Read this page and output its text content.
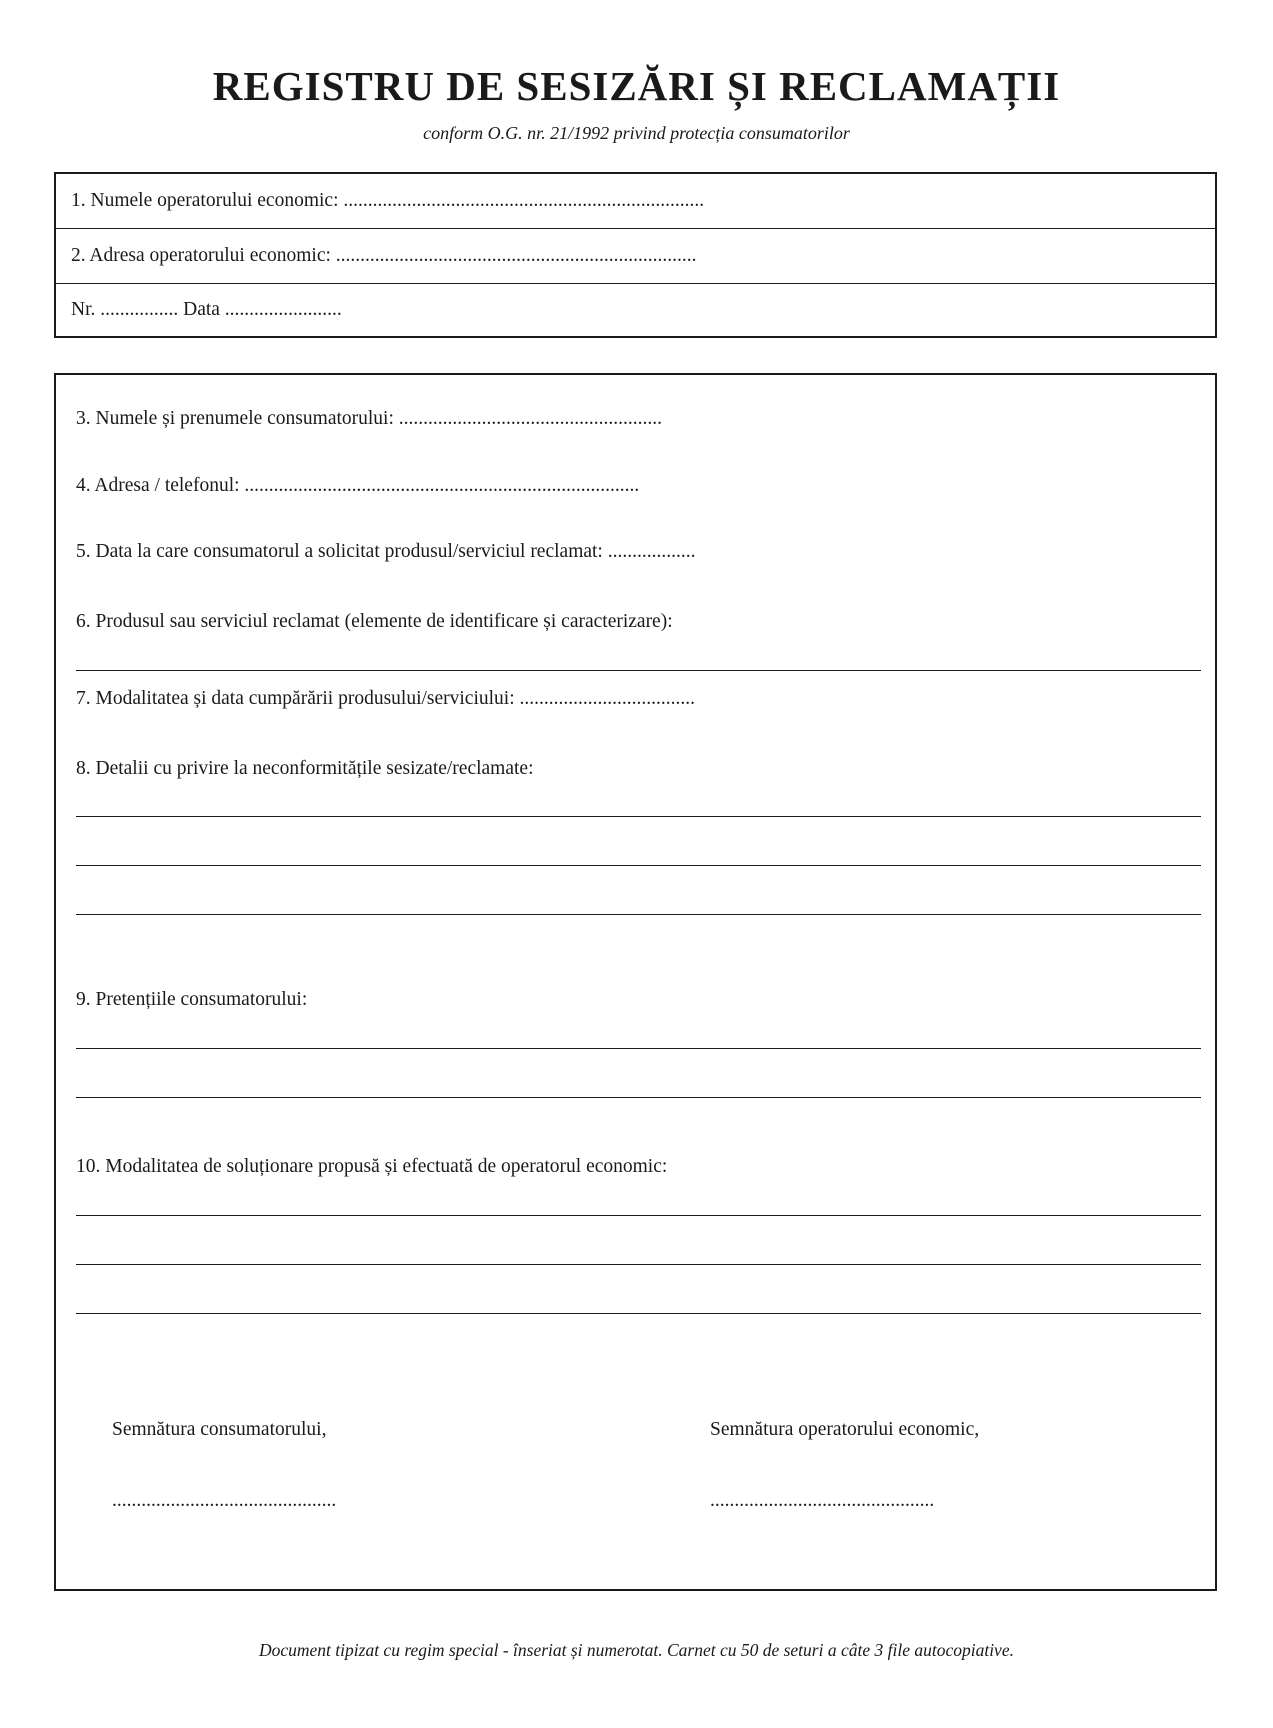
REGISTRU DE SESIZĂRI ȘI RECLAMAȚII
conform O.G. nr. 21/1992 privind protecția consumatorilor
1. Numele operatorului economic: ..........................................................................
2. Adresa operatorului economic: ..........................................................................
Nr. ................ Data ........................
3. Numele și prenumele consumatorului: ......................................................
4. Adresa / telefonul: .................................................................................
5. Data la care consumatorul a solicitat produsul/serviciul reclamat: ..................
6. Produsul sau serviciul reclamat (elemente de identificare și caracterizare):
7. Modalitatea și data cumpărării produsului/serviciului: ....................................
8. Detalii cu privire la neconformitățile sesizate/reclamate:
9. Pretențiile consumatorului:
10. Modalitatea de soluționare propusă și efectuată de operatorul economic:
Semnătura consumatorului,
..............................................
Semnătura operatorului economic,
..............................................
Document tipizat cu regim special - înseriat și numerotat. Carnet cu 50 de seturi a câte 3 file autocopiative.
